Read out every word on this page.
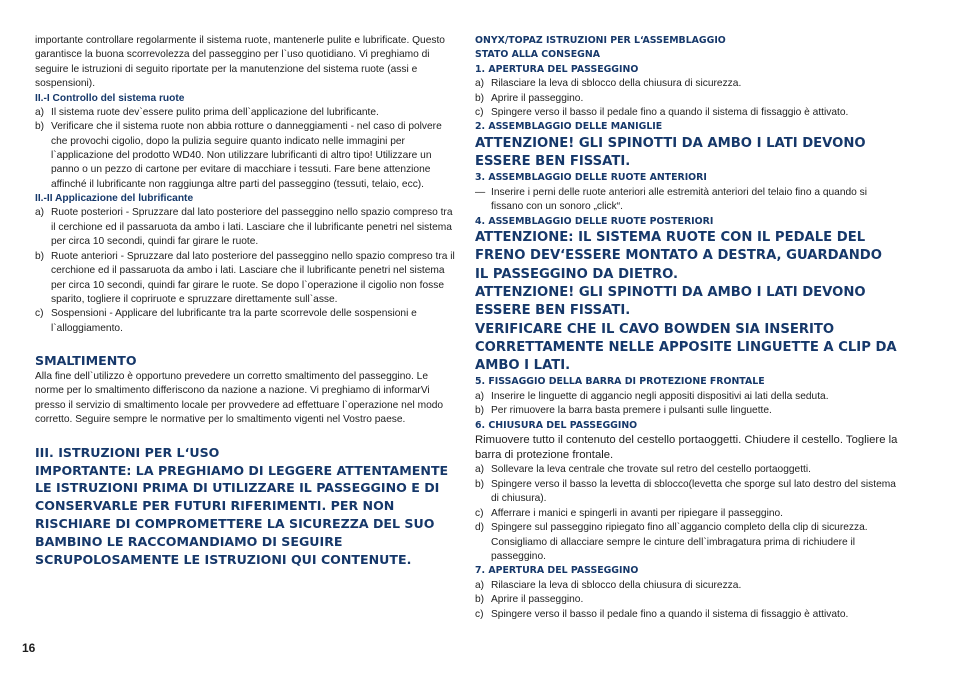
importante controllare regolarmente il sistema ruote, mantenerle pulite e lubrificate. Questo garantisce la buona scorrevolezza del passeggino per l`uso quotidiano. Vi preghiamo di seguire le istruzioni di seguito riportate per la manutenzione del sistema ruote (assi e sospensioni).

II.-I Controllo del sistema ruote
a) Il sistema ruote dev`essere pulito prima dell`applicazione del lubrificante.
b) Verificare che il sistema ruote non abbia rotture o danneggiamenti - nel caso di polvere che provochi cigolio, dopo la pulizia seguire quanto indicato nelle immagini per l`applicazione del prodotto WD40. Non utilizzare lubrificanti di altro tipo! Utilizzare un panno o un pezzo di cartone per evitare di macchiare i tessuti. Fare bene attenzione affinché il lubrificante non raggiunga altre parti del passeggino (tessuti, telaio, ecc).
II.-II Applicazione del lubrificante
a) Ruote posteriori - Spruzzare dal lato posteriore del passeggino nello spazio compreso tra il cerchione ed il passaruota da ambo i lati. Lasciare che il lubrificante penetri nel sistema per circa 10 secondi, quindi far girare le ruote.
b) Ruote anteriori - Spruzzare dal lato posteriore del passeggino nello spazio compreso tra il cerchione ed il passaruota da ambo i lati. Lasciare che il lubrificante penetri nel sistema per circa 10 secondi, quindi far girare le ruote. Se dopo l`operazione il cigolio non fosse sparito, togliere il copriruote e spruzzare direttamente sull`asse.
c) Sospensioni - Applicare del lubrificante tra la parte scorrevole delle sospensioni e l`alloggiamento.
SMALTIMENTO

Alla fine dell`utilizzo è opportuno prevedere un corretto smaltimento del passeggino. Le norme per lo smaltimento differiscono da nazione a nazione. Vi preghiamo di informarVi presso il servizio di smaltimento locale per provvedere ad effettuare l`operazione nel modo corretto. Seguire sempre le normative per lo smaltimento vigenti nel Vostro paese.

III. ISTRUZIONI PER L‘USO
IMPORTANTE: LA PREGHIAMO DI LEGGERE ATTENTAMENTE LE ISTRUZIONI PRIMA DI UTILIZZARE IL PASSEGGINO E DI CONSERVARLE PER FUTURI RIFERIMENTI. PER NON RISCHIARE DI COMPROMETTERE LA SICUREZZA DEL SUO BAMBINO LE RACCOMANDIAMO DI SEGUIRE SCRUPOLOSAMENTE LE ISTRUZIONI QUI CONTENUTE.
ONYX/TOPAZ ISTRUZIONI PER L‘ASSEMBLAGGIO
STATO ALLA CONSEGNA
1. APERTURA DEL PASSEGGINO
a) Rilasciare la leva di sblocco della chiusura di sicurezza.
b) Aprire il passeggino.
c) Spingere verso il basso il pedale fino a quando il sistema di fissaggio è attivato.
2. ASSEMBLAGGIO DELLE MANIGLIE
ATTENZIONE! GLI SPINOTTI DA AMBO I LATI DEVONO ESSERE BEN FISSATI.
3. ASSEMBLAGGIO DELLE RUOTE ANTERIORI
— Inserire i perni delle ruote anteriori alle estremità anteriori del telaio fino a quando si fissano con un sonoro „click“.
4. ASSEMBLAGGIO DELLE RUOTE POSTERIORI
ATTENZIONE: IL SISTEMA RUOTE CON IL PEDALE DEL FRENO DEV‘ESSERE MONTATO A DESTRA, GUARDANDO IL PASSEGGINO DA DIETRO.
ATTENZIONE! GLI SPINOTTI DA AMBO I LATI DEVONO ESSERE BEN FISSATI.
VERIFICARE CHE IL CAVO BOWDEN SIA INSERITO CORRETTAMENTE NELLE APPOSITE LINGUETTE A CLIP DA AMBO I LATI.
5. FISSAGGIO DELLA BARRA DI PROTEZIONE FRONTALE
a) Inserire le linguette di aggancio negli appositi dispositivi ai lati della seduta.
b) Per rimuovere la barra basta premere i pulsanti sulle linguette.
6. CHIUSURA DEL PASSEGGINO

Rimuovere tutto il contenuto del cestello portaoggetti. Chiudere il cestello. Togliere la barra di protezione frontale.

a) Sollevare la leva centrale che trovate sul retro del cestello portaoggetti.
b) Spingere verso il basso la levetta di sblocco(levetta che sporge sul lato destro del sistema di chiusura).
c) Afferrare i manici e spingerli in avanti per ripiegare il passeggino.
d) Spingere sul passeggino ripiegato fino all`aggancio completo della clip di sicurezza. Consigliamo di allacciare sempre le cinture dell`imbragatura prima di richiudere il passeggino.
7. APERTURA DEL PASSEGGINO
a) Rilasciare la leva di sblocco della chiusura di sicurezza.
b) Aprire il passeggino.
c) Spingere verso il basso il pedale fino a quando il sistema di fissaggio è attivato.
16
